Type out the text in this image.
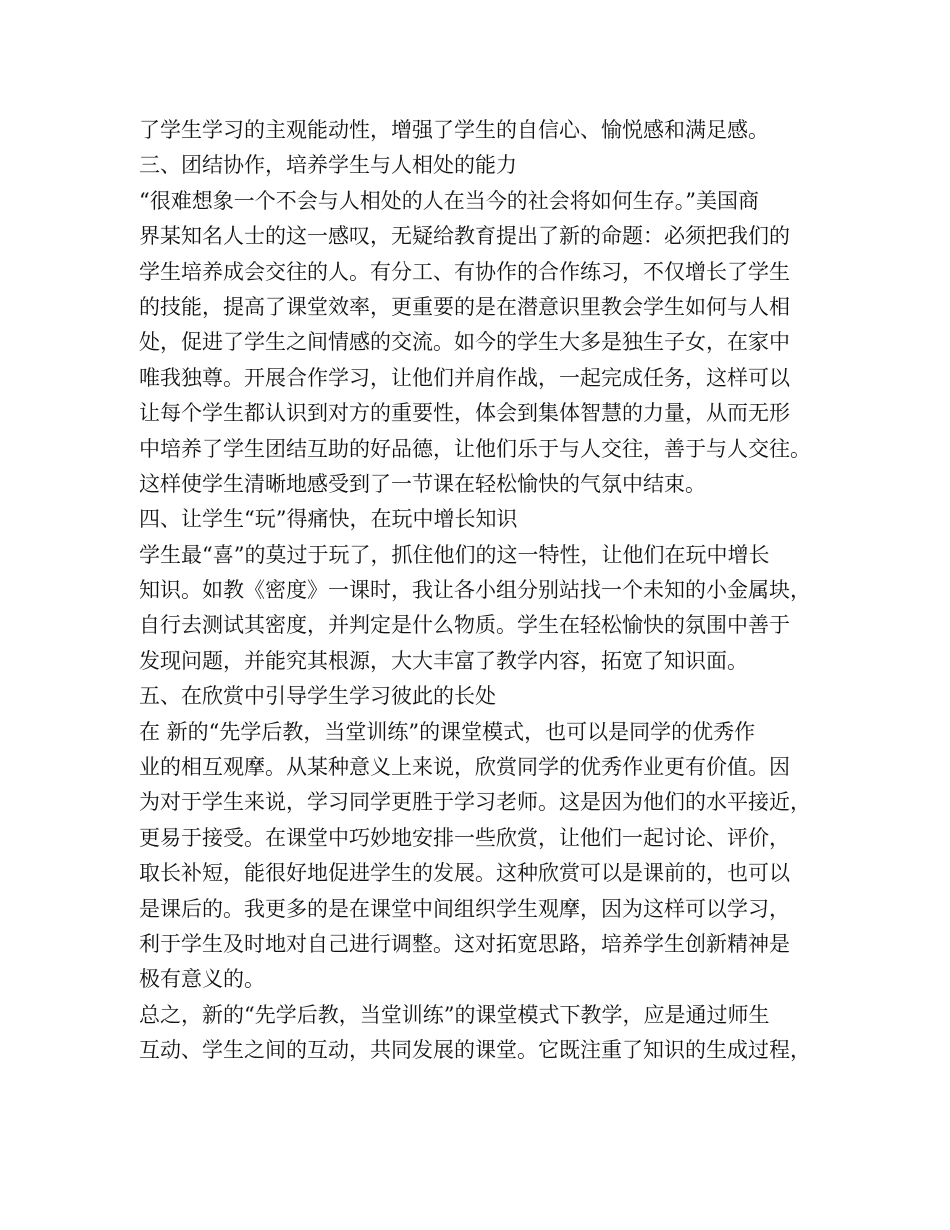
了学生学习的主观能动性，增强了学生的自信心、愉悦感和满足感。
三、团结协作，培养学生与人相处的能力
“很难想象一个不会与人相处的人在当今的社会将如何生存。”美国商
界某知名人士的这一感叹，无疑给教育提出了新的命题：必须把我们的
学生培养成会交往的人。有分工、有协作的合作练习，不仅增长了学生
的技能，提高了课堂效率，更重要的是在潜意识里教会学生如何与人相
处，促进了学生之间情感的交流。如今的学生大多是独生子女，在家中
唯我独尊。开展合作学习，让他们并肩作战，一起完成任务，这样可以
让每个学生都认识到对方的重要性，体会到集体智慧的力量，从而无形
中培养了学生团结互助的好品德，让他们乐于与人交往，善于与人交往。
这样使学生清晰地感受到了一节课在轻松愉快的气氛中结束。
四、让学生“玩”得痛快，在玩中增长知识
学生最“喜”的莫过于玩了，抓住他们的这一特性，让他们在玩中增长
知识。如教《密度》一课时，我让各小组分别站找一个未知的小金属块，
自行去测试其密度，并判定是什么物质。学生在轻松愉快的氛围中善于
发现问题，并能究其根源，大大丰富了教学内容，拓宽了知识面。
五、在欣赏中引导学生学习彼此的长处
在 新的“先学后教，当堂训练”的课堂模式，也可以是同学的优秀作
业的相互观摩。从某种意义上来说，欣赏同学的优秀作业更有价值。因
为对于学生来说，学习同学更胜于学习老师。这是因为他们的水平接近，
更易于接受。在课堂中巧妙地安排一些欣赏，让他们一起讨论、评价，
取长补短，能很好地促进学生的发展。这种欣赏可以是课前的，也可以
是课后的。我更多的是在课堂中间组织学生观摩，因为这样可以学习，
利于学生及时地对自己进行调整。这对拓宽思路，培养学生创新精神是
极有意义的。
总之，新的“先学后教，当堂训练”的课堂模式下教学，应是通过师生
互动、学生之间的互动，共同发展的课堂。它既注重了知识的生成过程，
